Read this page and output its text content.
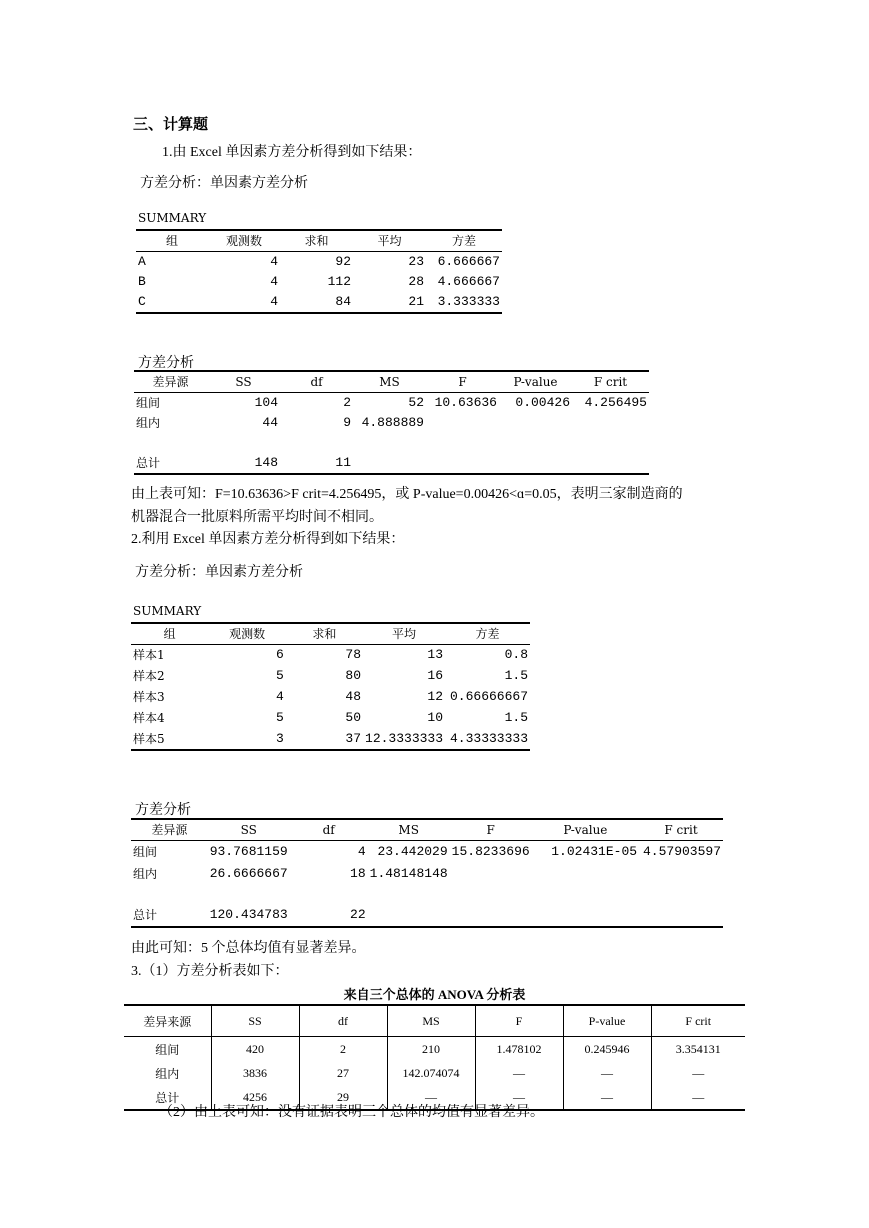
三、计算题
1.由 Excel 单因素方差分析得到如下结果：
方差分析：单因素方差分析
SUMMARY
组	观测数	求和	平均	方差
A	4	92	23	6.666667
B	4	112	28	4.666667
C	4	84	21	3.333333
方差分析
差异源	SS	df	MS	F	P-value	F crit
组间	104	2	52	10.63636	0.00426	4.256495
组内	44	9	4.888889			

总计	148	11				
由上表可知：F=10.63636>F crit=4.256495，或 P-value=0.00426<ɑ=0.05，表明三家制造商的
机器混合一批原料所需平均时间不相同。
2.利用 Excel 单因素方差分析得到如下结果：
方差分析：单因素方差分析
SUMMARY
组	观测数	求和	平均	方差
样本1	6	78	13	0.8
样本2	5	80	16	1.5
样本3	4	48	12	0.66666667
样本4	5	50	10	1.5
样本5	3	37	12.3333333	4.33333333
方差分析
差异源	SS	df	MS	F	P-value	F crit
组间	93.7681159	4	23.442029	15.8233696	1.02431E-05	4.57903597
组内	26.6666667	18	1.48148148			

总计	120.434783	22				
由此可知：5 个总体均值有显著差异。
3.（1）方差分析表如下：
来自三个总体的 ANOVA 分析表
差异来源	SS	df	MS	F	P-value	F crit
组间	420	2	210	1.478102	0.245946	3.354131
组内	3836	27	142.074074	—	—	—
总计	4256	29	—	—	—	—
（2）由上表可知：没有证据表明三个总体的均值有显著差异。
